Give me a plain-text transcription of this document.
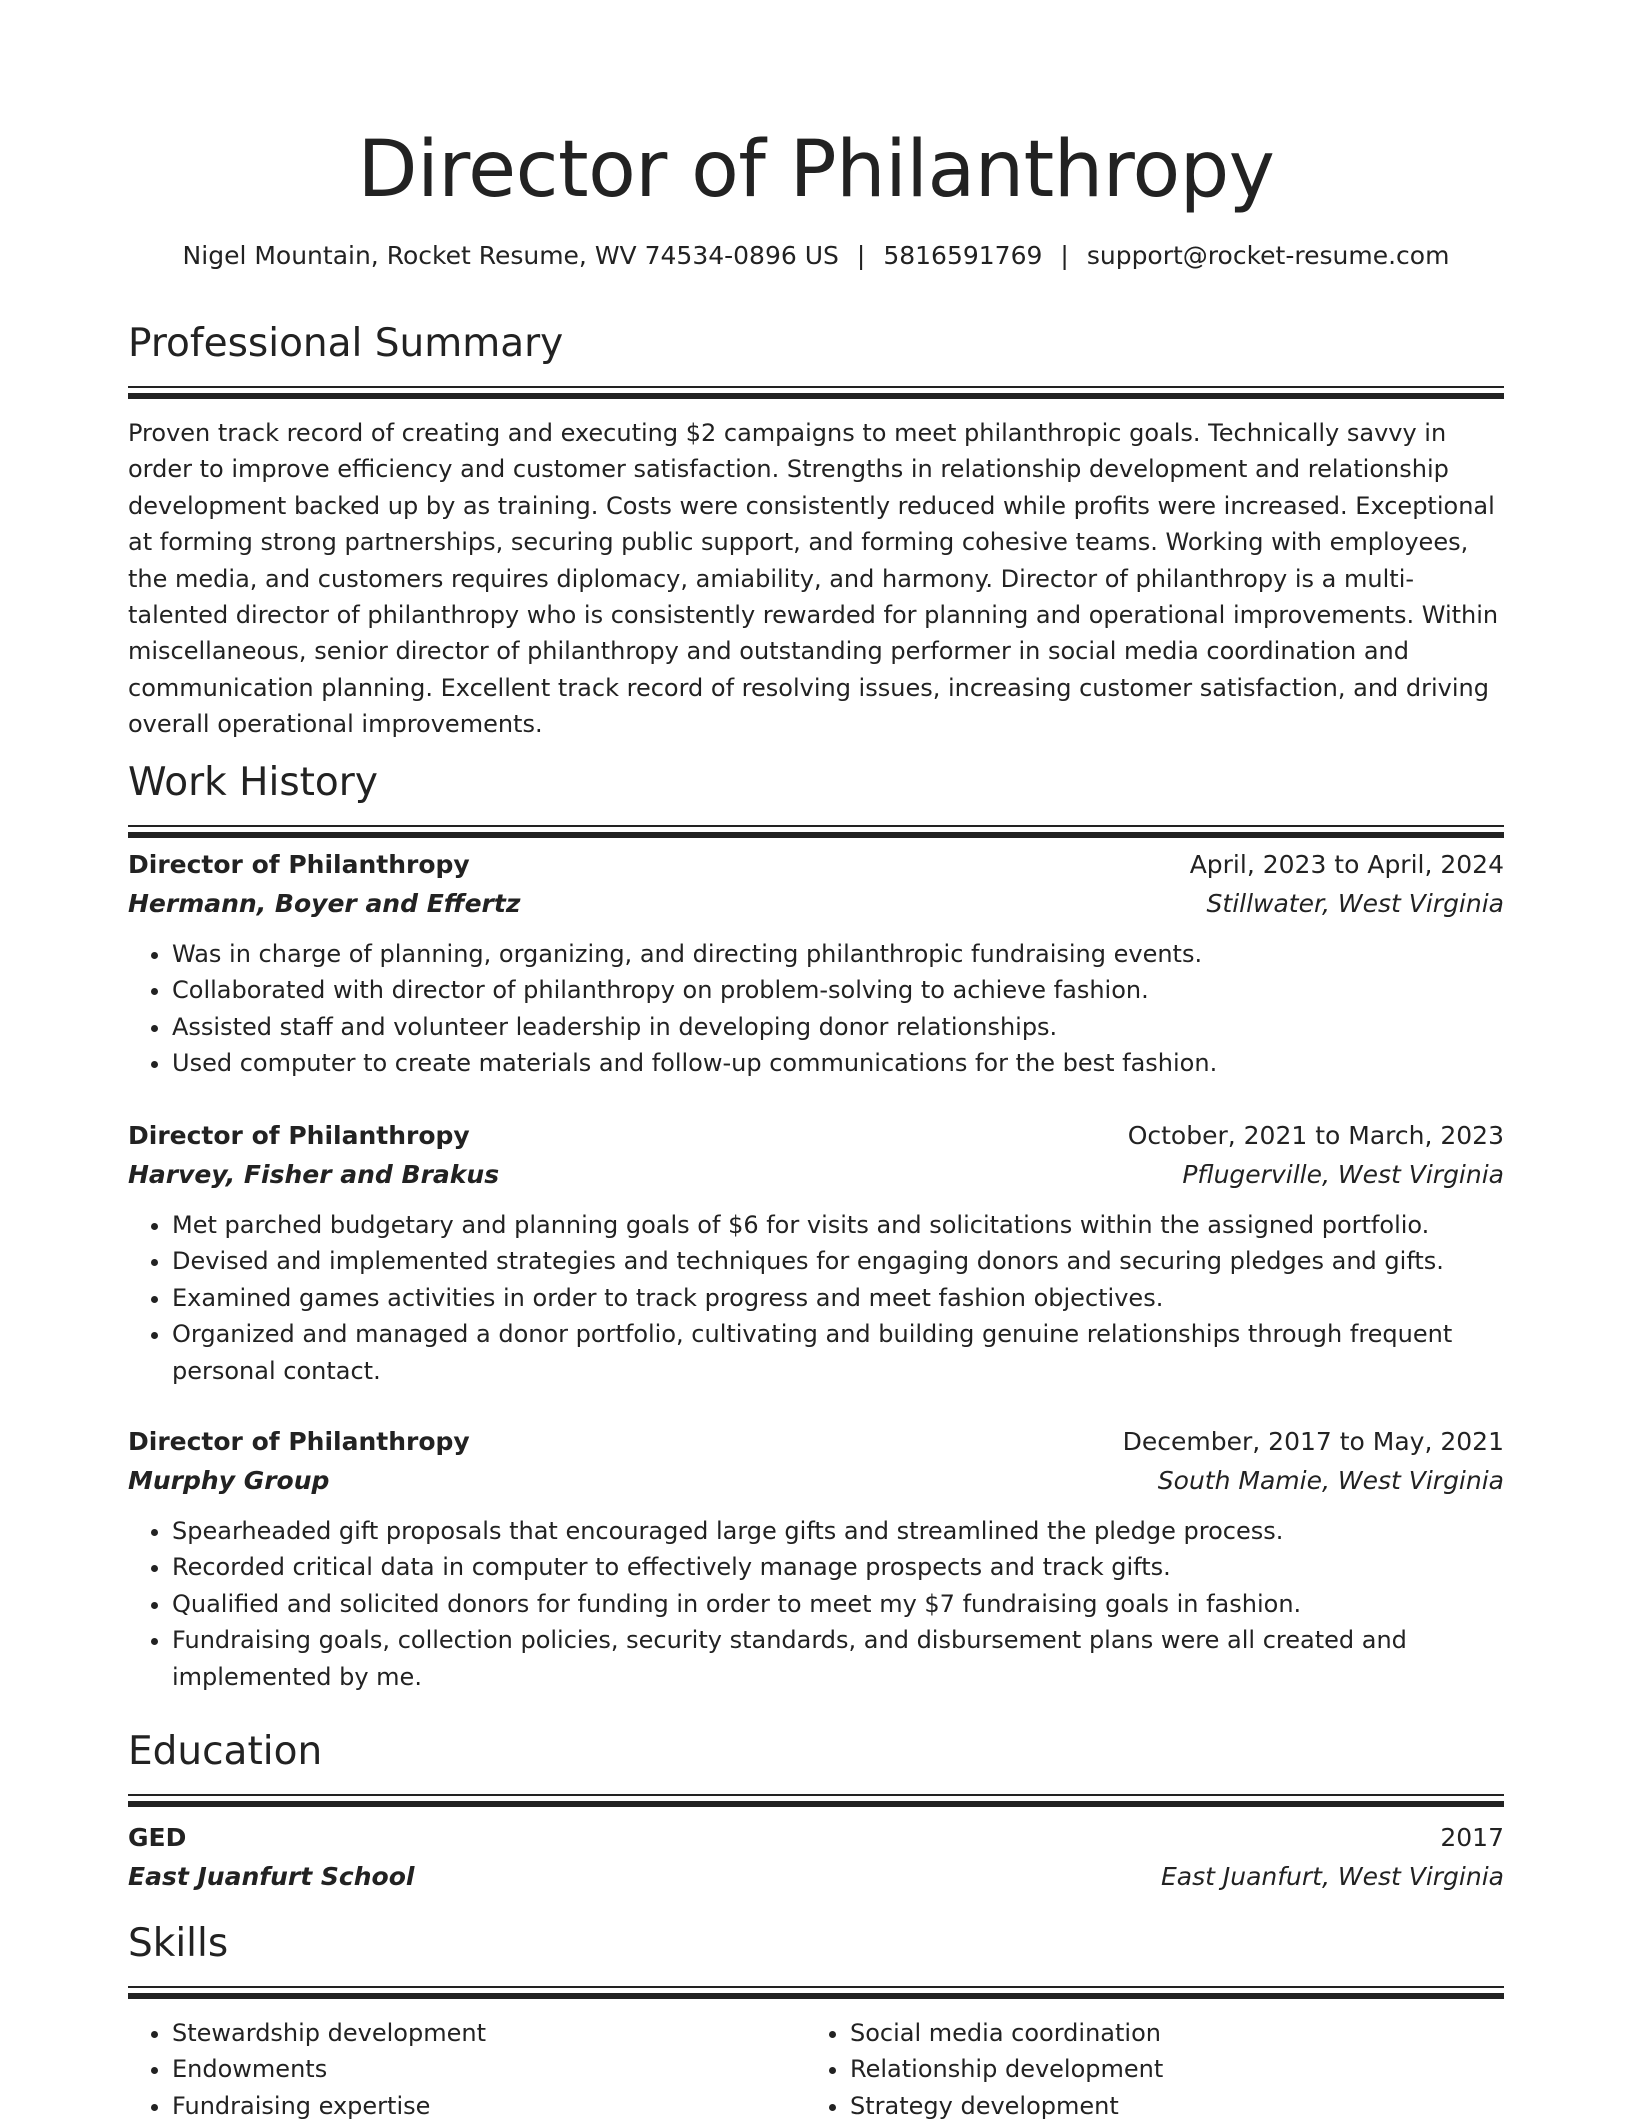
Director of Philanthropy
Nigel Mountain, Rocket Resume, WV 74534-0896 US | 5816591769 | support@rocket-resume.com
Professional Summary
Proven track record of creating and executing $2 campaigns to meet philanthropic goals. Technically savvy in order to improve efficiency and customer satisfaction. Strengths in relationship development and relationship development backed up by as training. Costs were consistently reduced while profits were increased. Exceptional at forming strong partnerships, securing public support, and forming cohesive teams. Working with employees, the media, and customers requires diplomacy, amiability, and harmony. Director of philanthropy is a multi-talented director of philanthropy who is consistently rewarded for planning and operational improvements. Within miscellaneous, senior director of philanthropy and outstanding performer in social media coordination and communication planning. Excellent track record of resolving issues, increasing customer satisfaction, and driving overall operational improvements.
Work History
Director of Philanthropy	April, 2023 to April, 2024
Hermann, Boyer and Effertz	Stillwater, West Virginia
• Was in charge of planning, organizing, and directing philanthropic fundraising events.
• Collaborated with director of philanthropy on problem-solving to achieve fashion.
• Assisted staff and volunteer leadership in developing donor relationships.
• Used computer to create materials and follow-up communications for the best fashion.
Director of Philanthropy	October, 2021 to March, 2023
Harvey, Fisher and Brakus	Pflugerville, West Virginia
• Met parched budgetary and planning goals of $6 for visits and solicitations within the assigned portfolio.
• Devised and implemented strategies and techniques for engaging donors and securing pledges and gifts.
• Examined games activities in order to track progress and meet fashion objectives.
• Organized and managed a donor portfolio, cultivating and building genuine relationships through frequent personal contact.
Director of Philanthropy	December, 2017 to May, 2021
Murphy Group	South Mamie, West Virginia
• Spearheaded gift proposals that encouraged large gifts and streamlined the pledge process.
• Recorded critical data in computer to effectively manage prospects and track gifts.
• Qualified and solicited donors for funding in order to meet my $7 fundraising goals in fashion.
• Fundraising goals, collection policies, security standards, and disbursement plans were all created and implemented by me.
Education
GED	2017
East Juanfurt School	East Juanfurt, West Virginia
Skills
• Stewardship development
• Endowments
• Fundraising expertise
• Social media coordination
• Relationship development
• Strategy development
